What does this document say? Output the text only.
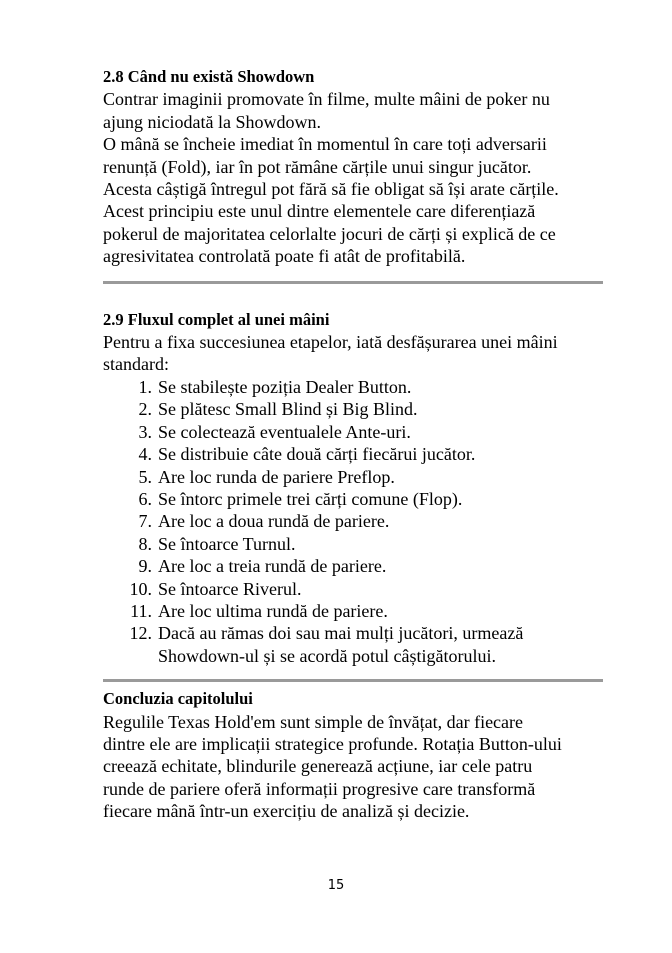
2.8 Când nu există Showdown

Contrar imaginii promovate în filme, multe mâini de poker nu
ajung niciodată la Showdown.
O mână se încheie imediat în momentul în care toți adversarii
renunță (Fold), iar în pot rămâne cărțile unui singur jucător.
Acesta câștigă întregul pot fără să fie obligat să își arate cărțile.
Acest principiu este unul dintre elementele care diferențiază
pokerul de majoritatea celorlalte jocuri de cărți și explică de ce
agresivitatea controlată poate fi atât de profitabilă.

2.9 Fluxul complet al unei mâini

Pentru a fixa succesiunea etapelor, iată desfășurarea unei mâini
standard:

1. Se stabilește poziția Dealer Button.
2. Se plătesc Small Blind și Big Blind.
3. Se colectează eventualele Ante-uri.
4. Se distribuie câte două cărți fiecărui jucător.
5. Are loc runda de pariere Preflop.
6. Se întorc primele trei cărți comune (Flop).
7. Are loc a doua rundă de pariere.
8. Se întoarce Turnul.
9. Are loc a treia rundă de pariere.
10. Se întoarce Riverul.
11. Are loc ultima rundă de pariere.
12. Dacă au rămas doi sau mai mulți jucători, urmează
Showdown-ul și se acordă potul câștigătorului.
Concluzia capitolului

Regulile Texas Hold'em sunt simple de învățat, dar fiecare
dintre ele are implicații strategice profunde. Rotația Button-ului
creează echitate, blindurile generează acțiune, iar cele patru
runde de pariere oferă informații progresive care transformă
fiecare mână într-un exercițiu de analiză și decizie.

15
